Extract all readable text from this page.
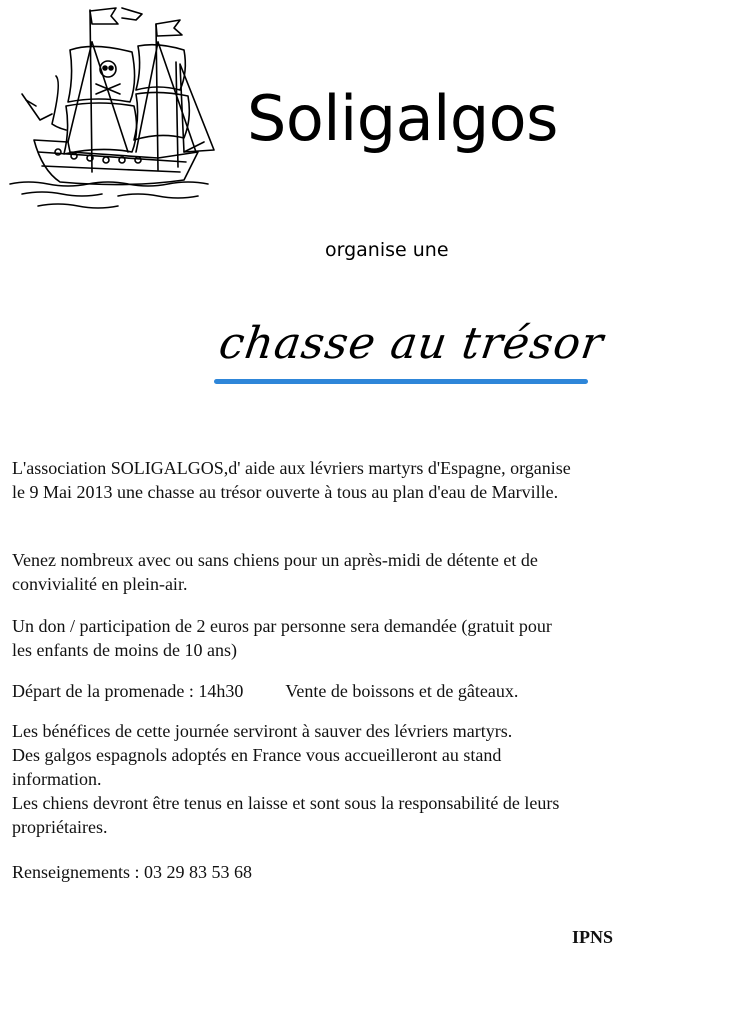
Soligalgos
organise une
chasse au trésor

L'association SOLIGALGOS,d' aide aux lévriers martyrs d'Espagne, organise
le 9 Mai 2013 une chasse au trésor ouverte à tous au plan d'eau de Marville.

Venez nombreux avec ou sans chiens pour un après-midi de détente et de
convivialité en plein-air.

Un don / participation de 2 euros par personne sera demandée (gratuit pour
les enfants de moins de 10 ans)

Départ de la promenade : 14h30 Vente de boissons et de gâteaux.

Les bénéfices de cette journée serviront à sauver des lévriers martyrs.
Des galgos espagnols adoptés en France vous accueilleront au stand
information.
Les chiens devront être tenus en laisse et sont sous la responsabilité de leurs
propriétaires.

Renseignements : 03 29 83 53 68

IPNS
